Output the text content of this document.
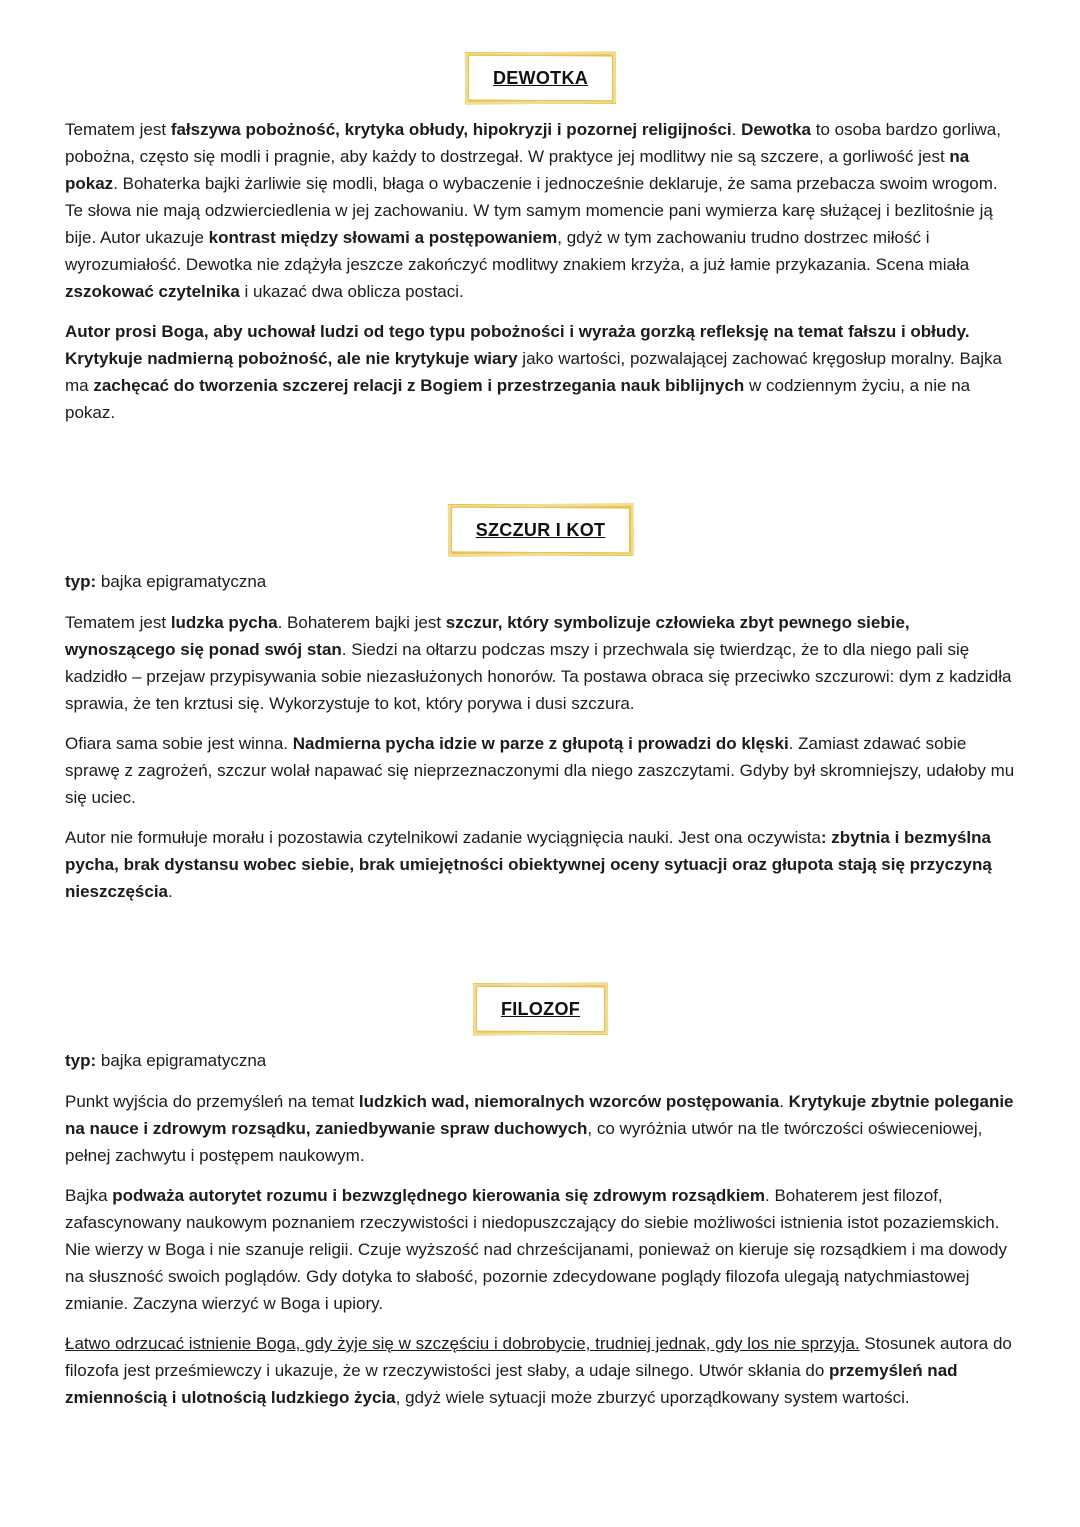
DEWOTKA

Tematem jest fałszywa pobożność, krytyka obłudy, hipokryzji i pozornej religijności. Dewotka to osoba bardzo gorliwa, pobożna, często się modli i pragnie, aby każdy to dostrzegał. W praktyce jej modlitwy nie są szczere, a gorliwość jest na pokaz. Bohaterka bajki żarliwie się modli, błaga o wybaczenie i jednocześnie deklaruje, że sama przebacza swoim wrogom. Te słowa nie mają odzwierciedlenia w jej zachowaniu. W tym samym momencie pani wymierza karę służącej i bezlitośnie ją bije. Autor ukazuje kontrast między słowami a postępowaniem, gdyż w tym zachowaniu trudno dostrzec miłość i wyrozumiałość. Dewotka nie zdążyła jeszcze zakończyć modlitwy znakiem krzyża, a już łamie przykazania. Scena miała zszokować czytelnika i ukazać dwa oblicza postaci.

Autor prosi Boga, aby uchował ludzi od tego typu pobożności i wyraża gorzką refleksję na temat fałszu i obłudy. Krytykuje nadmierną pobożność, ale nie krytykuje wiary jako wartości, pozwalającej zachować kręgosłup moralny. Bajka ma zachęcać do tworzenia szczerej relacji z Bogiem i przestrzegania nauk biblijnych w codziennym życiu, a nie na pokaz.

SZCZUR I KOT

typ: bajka epigramatyczna

Tematem jest ludzka pycha. Bohaterem bajki jest szczur, który symbolizuje człowieka zbyt pewnego siebie, wynoszącego się ponad swój stan. Siedzi na ołtarzu podczas mszy i przechwala się twierdząc, że to dla niego pali się kadzidło – przejaw przypisywania sobie niezasłużonych honorów. Ta postawa obraca się przeciwko szczurowi: dym z kadzidła sprawia, że ten krztusi się. Wykorzystuje to kot, który porywa i dusi szczura.

Ofiara sama sobie jest winna. Nadmierna pycha idzie w parze z głupotą i prowadzi do klęski. Zamiast zdawać sobie sprawę z zagrożeń, szczur wolał napawać się nieprzeznaczonymi dla niego zaszczytami. Gdyby był skromniejszy, udałoby mu się uciec.

Autor nie formułuje morału i pozostawia czytelnikowi zadanie wyciągnięcia nauki. Jest ona oczywista: zbytnia i bezmyślna pycha, brak dystansu wobec siebie, brak umiejętności obiektywnej oceny sytuacji oraz głupota stają się przyczyną nieszczęścia.

FILOZOF

typ: bajka epigramatyczna

Punkt wyjścia do przemyśleń na temat ludzkich wad, niemoralnych wzorców postępowania. Krytykuje zbytnie poleganie na nauce i zdrowym rozsądku, zaniedbywanie spraw duchowych, co wyróżnia utwór na tle twórczości oświeceniowej, pełnej zachwytu i postępem naukowym.

Bajka podważa autorytet rozumu i bezwzględnego kierowania się zdrowym rozsądkiem. Bohaterem jest filozof, zafascynowany naukowym poznaniem rzeczywistości i niedopuszczający do siebie możliwości istnienia istot pozaziemskich. Nie wierzy w Boga i nie szanuje religii. Czuje wyższość nad chrześcijanami, ponieważ on kieruje się rozsądkiem i ma dowody na słuszność swoich poglądów. Gdy dotyka to słabość, pozornie zdecydowane poglądy filozofa ulegają natychmiastowej zmianie. Zaczyna wierzyć w Boga i upiory.

Łatwo odrzucać istnienie Boga, gdy żyje się w szczęściu i dobrobycie, trudniej jednak, gdy los nie sprzyja. Stosunek autora do filozofa jest prześmiewczy i ukazuje, że w rzeczywistości jest słaby, a udaje silnego. Utwór skłania do przemyśleń nad zmiennością i ulotnością ludzkiego życia, gdyż wiele sytuacji może zburzyć uporządkowany system wartości.
